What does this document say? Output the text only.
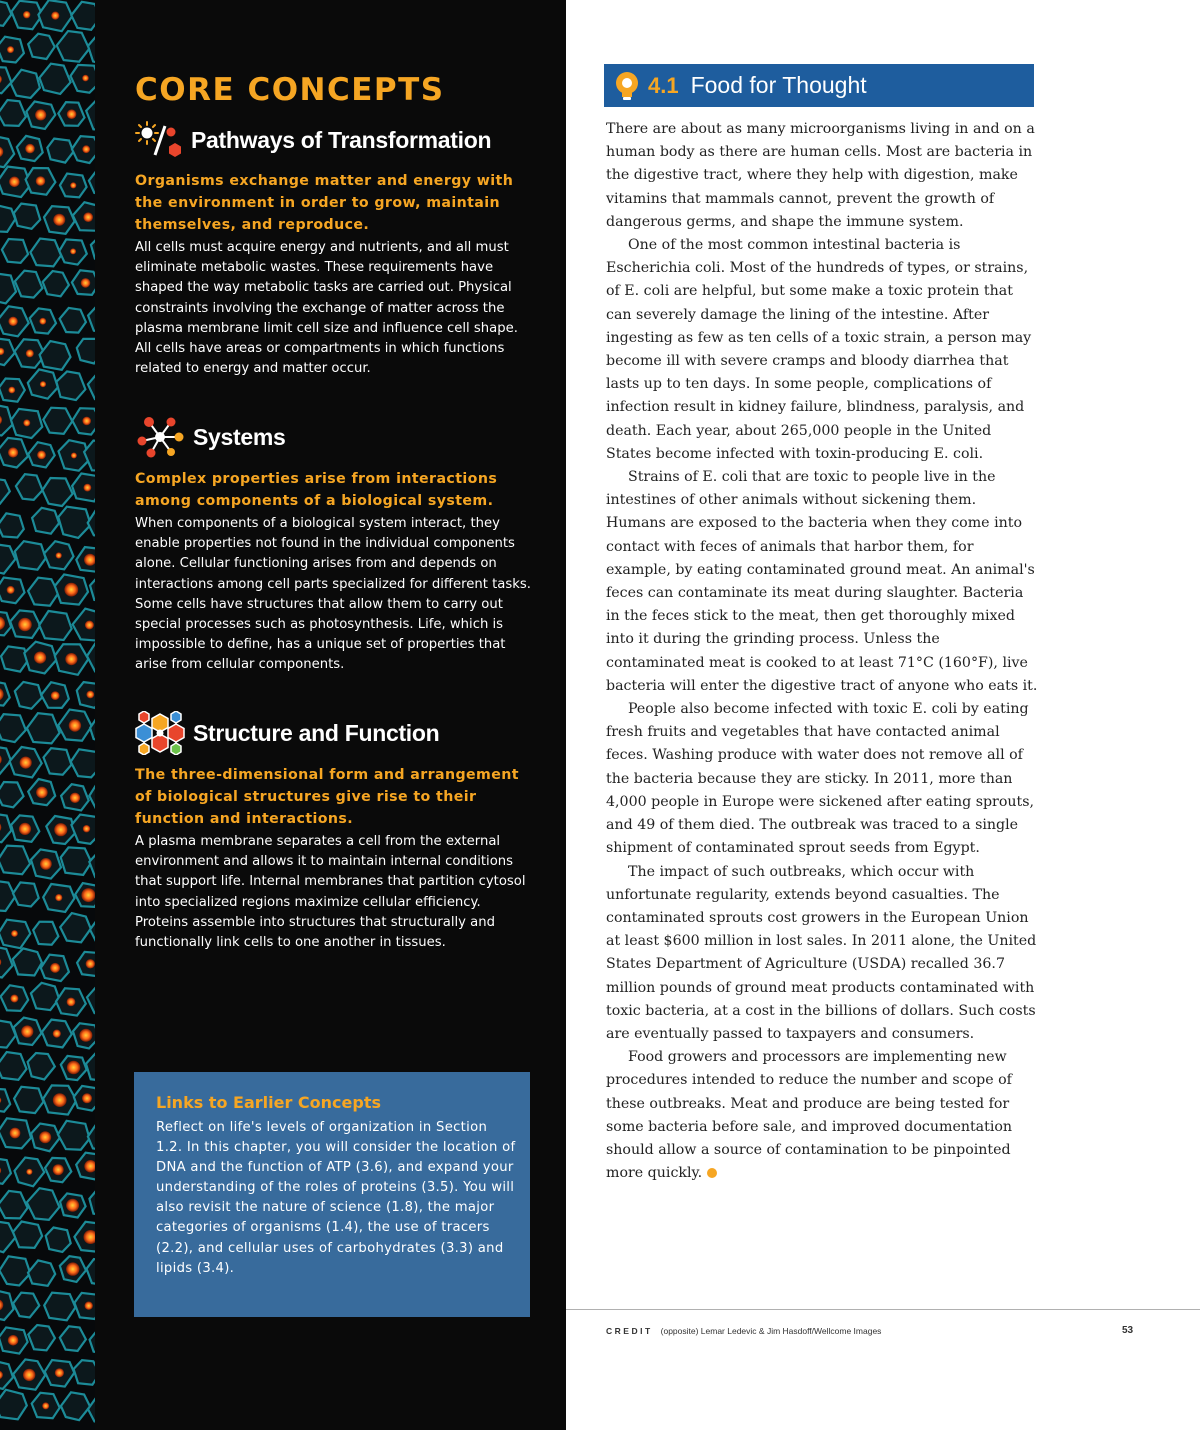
CORE CONCEPTS
Pathways of Transformation

Organisms exchange matter and energy with the environment in order to grow, maintain themselves, and reproduce.

All cells must acquire energy and nutrients, and all must eliminate metabolic wastes. These requirements have shaped the way metabolic tasks are carried out. Physical constraints involving the exchange of matter across the plasma membrane limit cell size and influence cell shape. All cells have areas or compartments in which functions related to energy and matter occur.

Systems

Complex properties arise from interactions among components of a biological system.

When components of a biological system interact, they enable properties not found in the individual components alone. Cellular functioning arises from and depends on interactions among cell parts specialized for different tasks. Some cells have structures that allow them to carry out special processes such as photosynthesis. Life, which is impossible to define, has a unique set of properties that arise from cellular components.

Structure and Function

The three-dimensional form and arrangement of biological structures give rise to their function and interactions.

A plasma membrane separates a cell from the external environment and allows it to maintain internal conditions that support life. Internal membranes that partition cytosol into specialized regions maximize cellular efficiency. Proteins assemble into structures that structurally and functionally link cells to one another in tissues.

Links to Earlier Concepts

Reflect on life's levels of organization in Section 1.2. In this chapter, you will consider the location of DNA and the function of ATP (3.6), and expand your understanding of the roles of proteins (3.5). You will also revisit the nature of science (1.8), the major categories of organisms (1.4), the use of tracers (2.2), and cellular uses of carbohydrates (3.3) and lipids (3.4).

4.1 Food for Thought

There are about as many microorganisms living in and on a human body as there are human cells. Most are bacteria in the digestive tract, where they help with digestion, make vitamins that mammals cannot, prevent the growth of dangerous germs, and shape the immune system.

One of the most common intestinal bacteria is Escherichia coli. Most of the hundreds of types, or strains, of E. coli are helpful, but some make a toxic protein that can severely damage the lining of the intestine. After ingesting as few as ten cells of a toxic strain, a person may become ill with severe cramps and bloody diarrhea that lasts up to ten days. In some people, complications of infection result in kidney failure, blindness, paralysis, and death. Each year, about 265,000 people in the United States become infected with toxin-producing E. coli.

Strains of E. coli that are toxic to people live in the intestines of other animals without sickening them. Humans are exposed to the bacteria when they come into contact with feces of animals that harbor them, for example, by eating contaminated ground meat. An animal's feces can contaminate its meat during slaughter. Bacteria in the feces stick to the meat, then get thoroughly mixed into it during the grinding process. Unless the contaminated meat is cooked to at least 71°C (160°F), live bacteria will enter the digestive tract of anyone who eats it.

People also become infected with toxic E. coli by eating fresh fruits and vegetables that have contacted animal feces. Washing produce with water does not remove all of the bacteria because they are sticky. In 2011, more than 4,000 people in Europe were sickened after eating sprouts, and 49 of them died. The outbreak was traced to a single shipment of contaminated sprout seeds from Egypt.

The impact of such outbreaks, which occur with unfortunate regularity, extends beyond casualties. The contaminated sprouts cost growers in the European Union at least $600 million in lost sales. In 2011 alone, the United States Department of Agriculture (USDA) recalled 36.7 million pounds of ground meat products contaminated with toxic bacteria, at a cost in the billions of dollars. Such costs are eventually passed to taxpayers and consumers.

Food growers and processors are implementing new procedures intended to reduce the number and scope of these outbreaks. Meat and produce are being tested for some bacteria before sale, and improved documentation should allow a source of contamination to be pinpointed more quickly.

CREDIT (opposite) Lemar Ledevic & Jim Hasdoff/Wellcome Images	53
